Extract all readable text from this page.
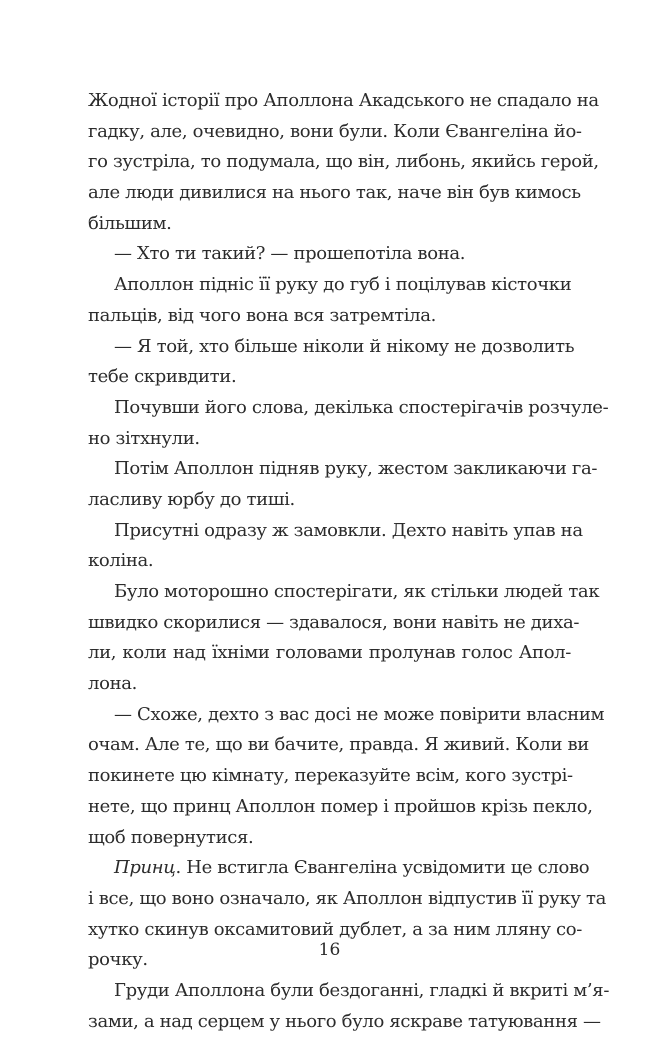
Жодної історії про Аполлона Акадського не спадало на
гадку, але, очевидно, вони були. Коли Євангеліна йо-
го зустріла, то подумала, що він, либонь, якийсь герой,
але люди дивилися на нього так, наче він був кимось
більшим.
— Хто ти такий? — прошепотіла вона.
Аполлон підніс її руку до губ і поцілував кісточки
пальців, від чого вона вся затремтіла.
— Я той, хто більше ніколи й нікому не дозволить
тебе скривдити.
Почувши його слова, декілька спостерігачів розчуле-
но зітхнули.
Потім Аполлон підняв руку, жестом закликаючи га-
ласливу юрбу до тиші.
Присутні одразу ж замовкли. Дехто навіть упав на
коліна.
Було моторошно спостерігати, як стільки людей так
швидко скорилися — здавалося, вони навіть не диха-
ли, коли над їхніми головами пролунав голос Апол-
лона.
— Схоже, дехто з вас досі не може повірити власним
очам. Але те, що ви бачите, правда. Я живий. Коли ви
покинете цю кімнату, переказуйте всім, кого зустрі-
нете, що принц Аполлон помер і пройшов крізь пекло,
щоб повернутися.
Принц. Не встигла Євангеліна усвідомити це слово
і все, що воно означало, як Аполлон відпустив її руку та
хутко скинув оксамитовий дублет, а за ним лляну со-
рочку.
Груди Аполлона були бездоганні, гладкі й вкриті м’я-
зами, а над серцем у нього було яскраве татуювання —
16
